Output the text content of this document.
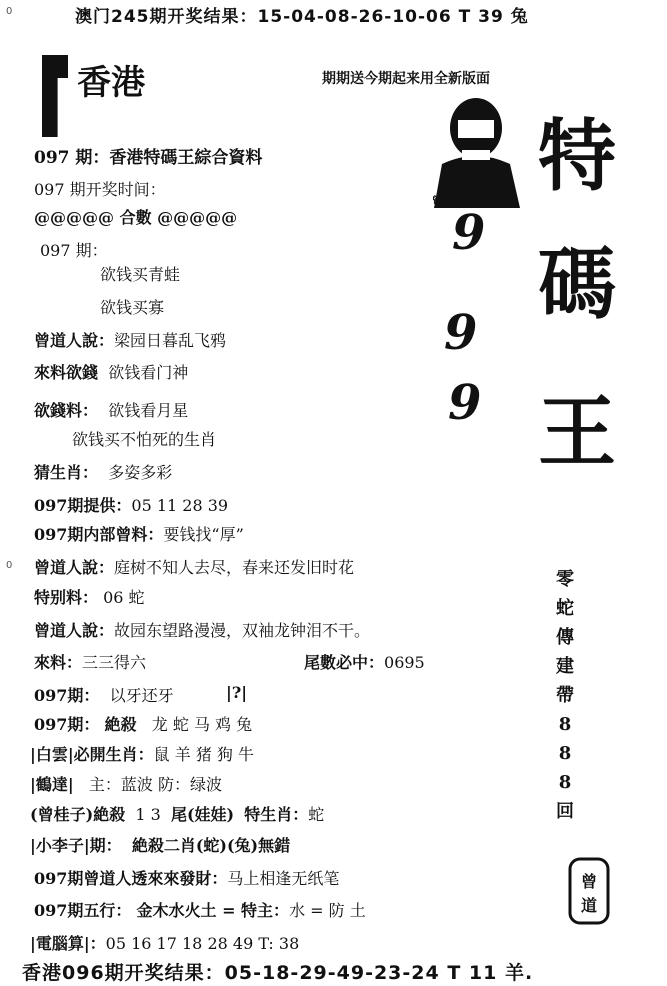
0	澳门245期开奖结果：15-04-08-26-10-06 T 39 兔
香港	期期送今期起来用全新版面
曾道人主录
9
9
9
特
碼
王
零
蛇
傳
建
帶
8
8
8
回
曾
道
097 期：香港特碼王綜合資料
097 期开奖时间：
@@@@@ 合數 @@@@@
097 期：
欲钱买青蛙
欲钱买寡
曾道人說：梁园日暮乱飞鸦
來料欲錢 欲钱看门神
欲錢料： 欲钱看月星
欲钱买不怕死的生肖
猜生肖： 多姿多彩
097期提供：05 11 28 39
097期内部曾料：要钱找“厚”
0 曾道人說：庭树不知人去尽，春来还发旧时花
特别料： 06 蛇
曾道人說：故园东望路漫漫，双袖龙钟泪不干。
來料：三三得六	尾數必中：0695
097期： 以牙还牙	|?|
097期： 絶殺 龙 蛇 马 鸡 兔
|白雲|必開生肖：鼠 羊 猪 狗 牛
|鶴達| 主：蓝波 防：绿波
(曾桂子)絶殺 1 3 尾(娃娃) 特生肖：蛇
|小李子|期： 絶殺二肖(蛇)(兔)無錯
097期曾道人透來來發財：马上相逢无纸笔
097期五行： 金木水火土 = 特主：水 = 防 土
|電腦算|：05 16 17 18 28 49 T: 38
香港096期开奖结果：05-18-29-49-23-24 T 11 羊.
